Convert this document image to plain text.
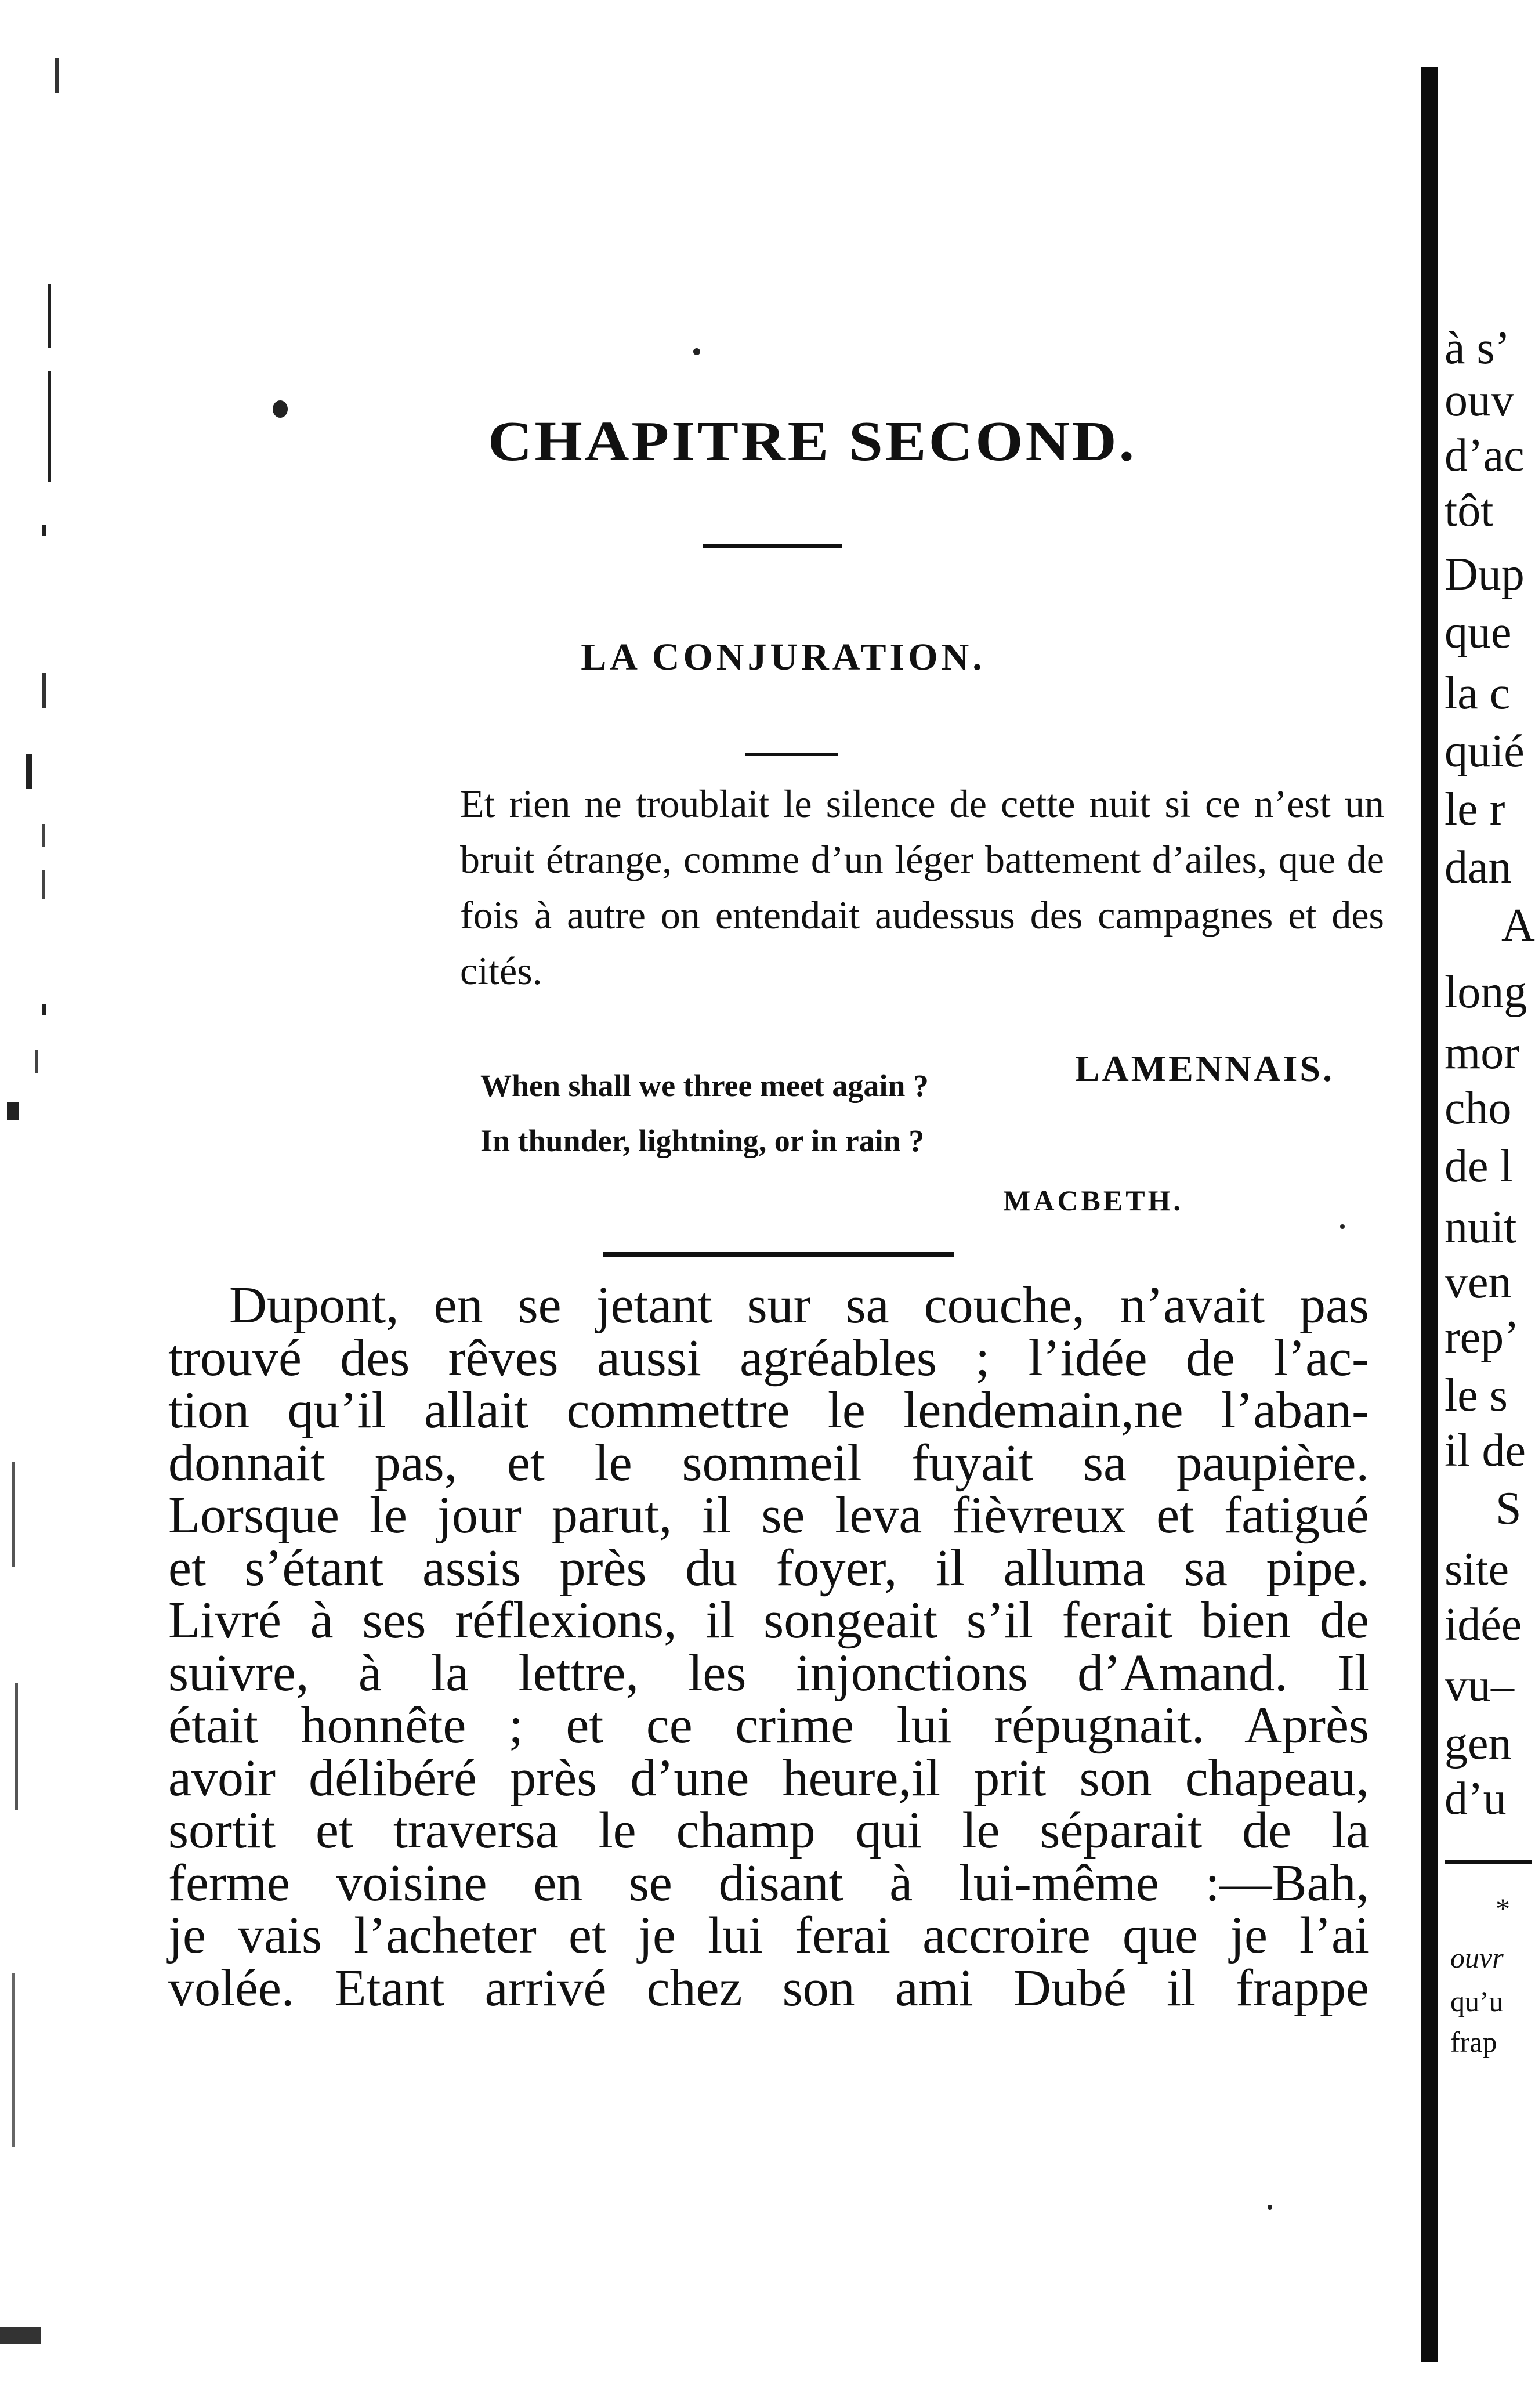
CHAPITRE SECOND.
LA CONJURATION.

Et rien ne troublait le silence de cette nuit si ce n’est un bruit étrange, comme d’un léger battement d’ailes, que de fois à autre on entendait audessus des campagnes et des cités.

LAMENNAIS.
When shall we three meet again ?
In thunder, lightning, or in rain ?
MACBETH.

Dupont, en se jetant sur sa couche, n’avait pas
trouvé des rêves aussi agréables ; l’idée de l’ac-
tion qu’il allait commettre le lendemain,ne l’aban-
donnait pas, et le sommeil fuyait sa paupière.
Lorsque le jour parut, il se leva fièvreux et fatigué
et s’étant assis près du foyer, il alluma sa pipe.
Livré à ses réflexions, il songeait s’il ferait bien de
suivre, à la lettre, les injonctions d’Amand. Il
était honnête ; et ce crime lui répugnait. Après
avoir délibéré près d’une heure,il prit son chapeau,
sortit et traversa le champ qui le séparait de la
ferme voisine en se disant à lui-même :—Bah,
je vais l’acheter et je lui ferai accroire que je l’ai
volée. Etant arrivé chez son ami Dubé il frappe

à s’
ouv
d’ac
tôt
Dup
que
la c
quié
le r
dan
A
long
mor
cho
de l
nuit
ven
rep’
le s
il de
S
site
idée
vu–
gen
d’u
*
ouvr
qu’u
frap
